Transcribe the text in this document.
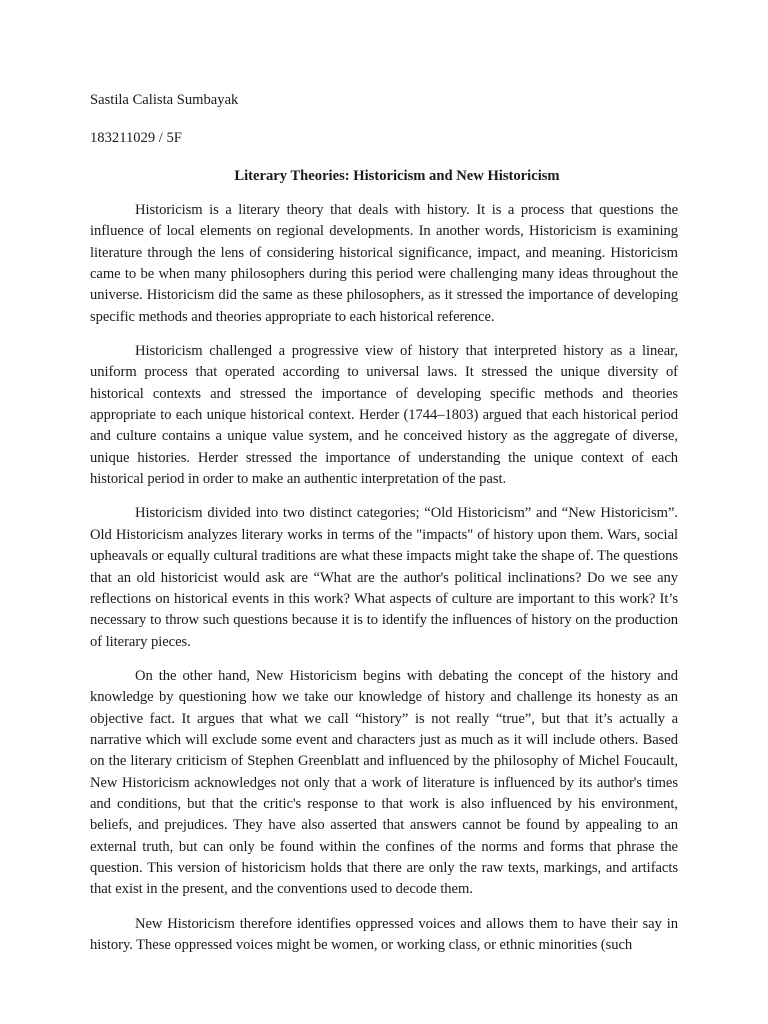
Sastila Calista Sumbayak

183211029 / 5F

Literary Theories: Historicism and New Historicism

Historicism is a literary theory that deals with history. It is a process that questions the influence of local elements on regional developments. In another words, Historicism is examining literature through the lens of considering historical significance, impact, and meaning. Historicism came to be when many philosophers during this period were challenging many ideas throughout the universe. Historicism did the same as these philosophers, as it stressed the importance of developing specific methods and theories appropriate to each historical reference.

Historicism challenged a progressive view of history that interpreted history as a linear, uniform process that operated according to universal laws. It stressed the unique diversity of historical contexts and stressed the importance of developing specific methods and theories appropriate to each unique historical context. Herder (1744–1803) argued that each historical period and culture contains a unique value system, and he conceived history as the aggregate of diverse, unique histories. Herder stressed the importance of understanding the unique context of each historical period in order to make an authentic interpretation of the past.

Historicism divided into two distinct categories; “Old Historicism” and “New Historicism”. Old Historicism analyzes literary works in terms of the "impacts" of history upon them. Wars, social upheavals or equally cultural traditions are what these impacts might take the shape of. The questions that an old historicist would ask are “What are the author's political inclinations? Do we see any reflections on historical events in this work? What aspects of culture are important to this work? It’s necessary to throw such questions because it is to identify the influences of history on the production of literary pieces.

On the other hand, New Historicism begins with debating the concept of the history and knowledge by questioning how we take our knowledge of history and challenge its honesty as an objective fact. It argues that what we call “history” is not really “true”, but that it’s actually a narrative which will exclude some event and characters just as much as it will include others. Based on the literary criticism of Stephen Greenblatt and influenced by the philosophy of Michel Foucault, New Historicism acknowledges not only that a work of literature is influenced by its author's times and conditions, but that the critic's response to that work is also influenced by his environment, beliefs, and prejudices. They have also asserted that answers cannot be found by appealing to an external truth, but can only be found within the confines of the norms and forms that phrase the question. This version of historicism holds that there are only the raw texts, markings, and artifacts that exist in the present, and the conventions used to decode them.

New Historicism therefore identifies oppressed voices and allows them to have their say in history. These oppressed voices might be women, or working class, or ethnic minorities (such
